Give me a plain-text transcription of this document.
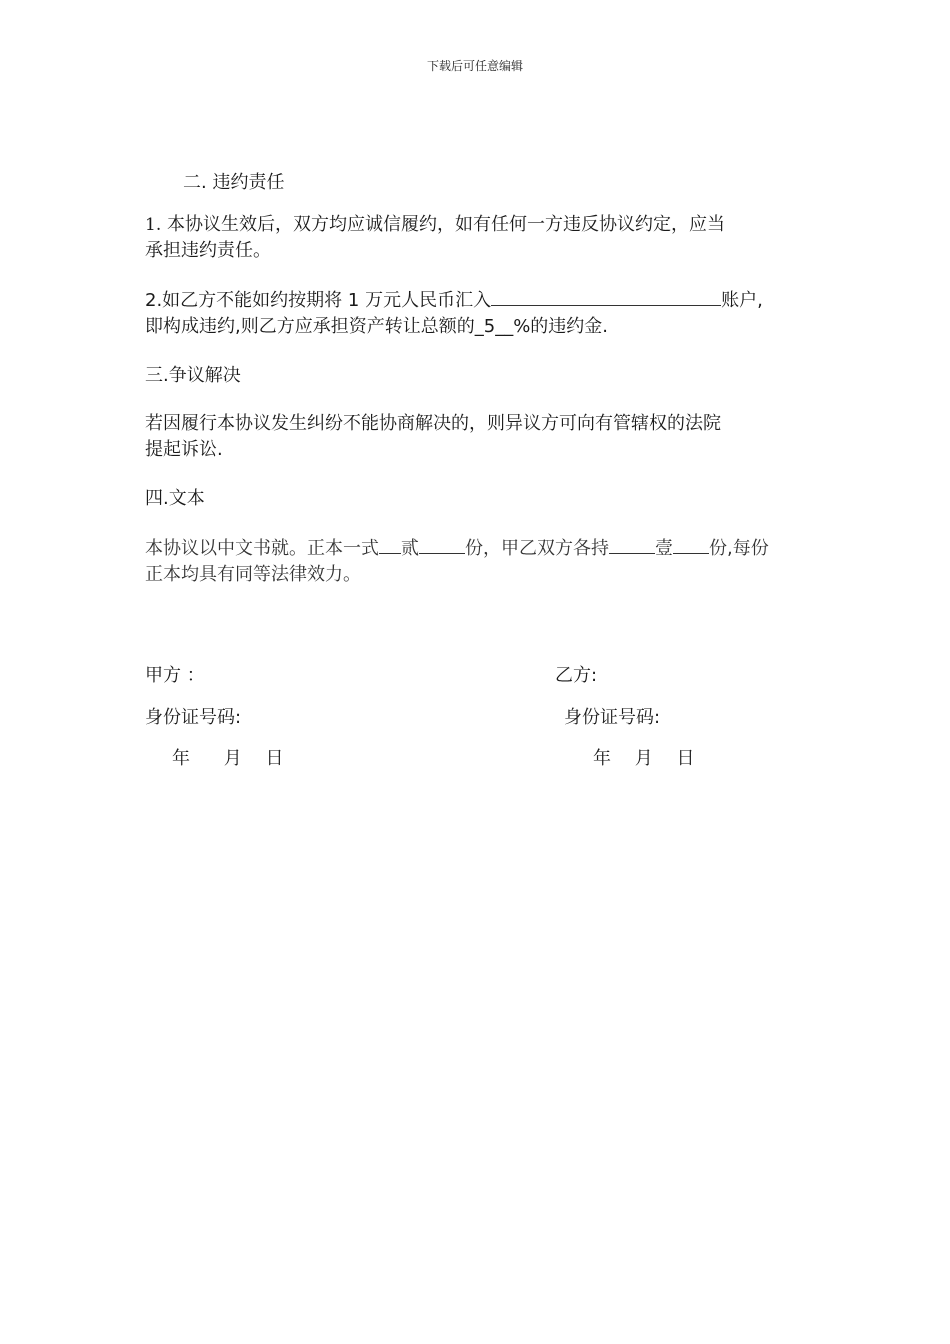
下载后可任意编辑
二. 违约责任
1. 本协议生效后，双方均应诚信履约，如有任何一方违反协议约定，应当
承担违约责任。
2.如乙方不能如约按期将 1 万元人民币汇入	账户,
即构成违约,则乙方应承担资产转让总额的_5__%的违约金.
三.争议解决
若因履行本协议发生纠纷不能协商解决的，则异议方可向有管辖权的法院
提起诉讼.
四.文本
本协议以中文书就。正本一式 贰	份，甲乙双方各持	壹 份,每份
正本均具有同等法律效力。
甲方 ：	乙方:
身份证号码:	身份证号码:
年 月 日	年 月 日
